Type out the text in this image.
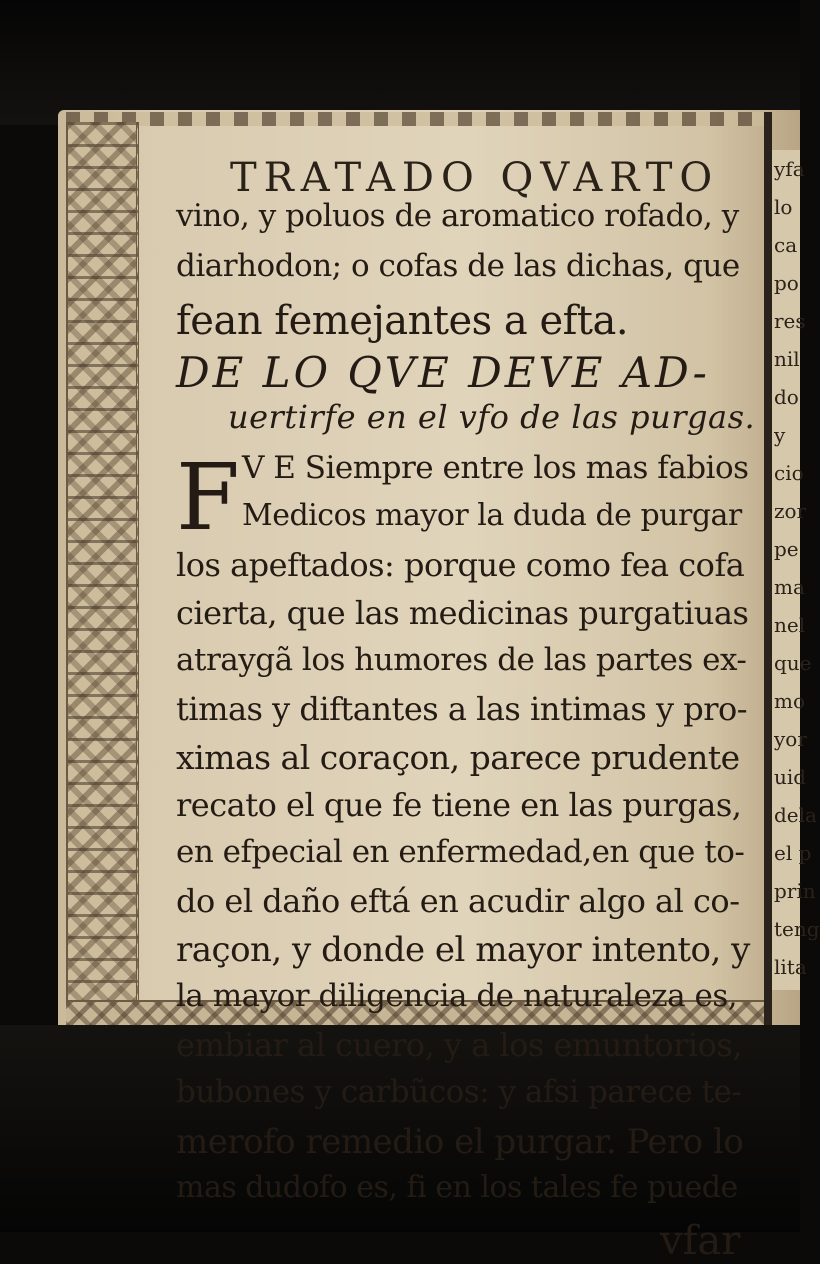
yfa
lo
ca
po
res
nil
do
y
cio
zor
pe
ma
nel
que
mo
yor
uid
dela
el p
prin
teng
lita
TRATADO QVARTO
vino, y poluos de aromatico rofado, y
diarhodon; o cofas de las dichas, que
fean femejantes a efta.
DE LO QVE DEVE AD-
uertirfe en el vfo de las purgas.
F V E Siempre entre los mas fabios
Medicos mayor la duda de purgar
los apeftados: porque como fea cofa
cierta, que las medicinas purgatiuas
atraygã los humores de las partes ex-
timas y diftantes a las intimas y pro-
ximas al coraçon, parece prudente
recato el que fe tiene en las purgas,
en efpecial en enfermedad,en que to-
do el daño eftá en acudir algo al co-
raçon, y donde el mayor intento, y
la mayor diligencia de naturaleza es,
embiar al cuero, y a los emuntorios,
bubones y carbũcos: y afsi parece te-
merofo remedio el purgar. Pero lo
mas dudofo es, fi en los tales fe puede
vfar
